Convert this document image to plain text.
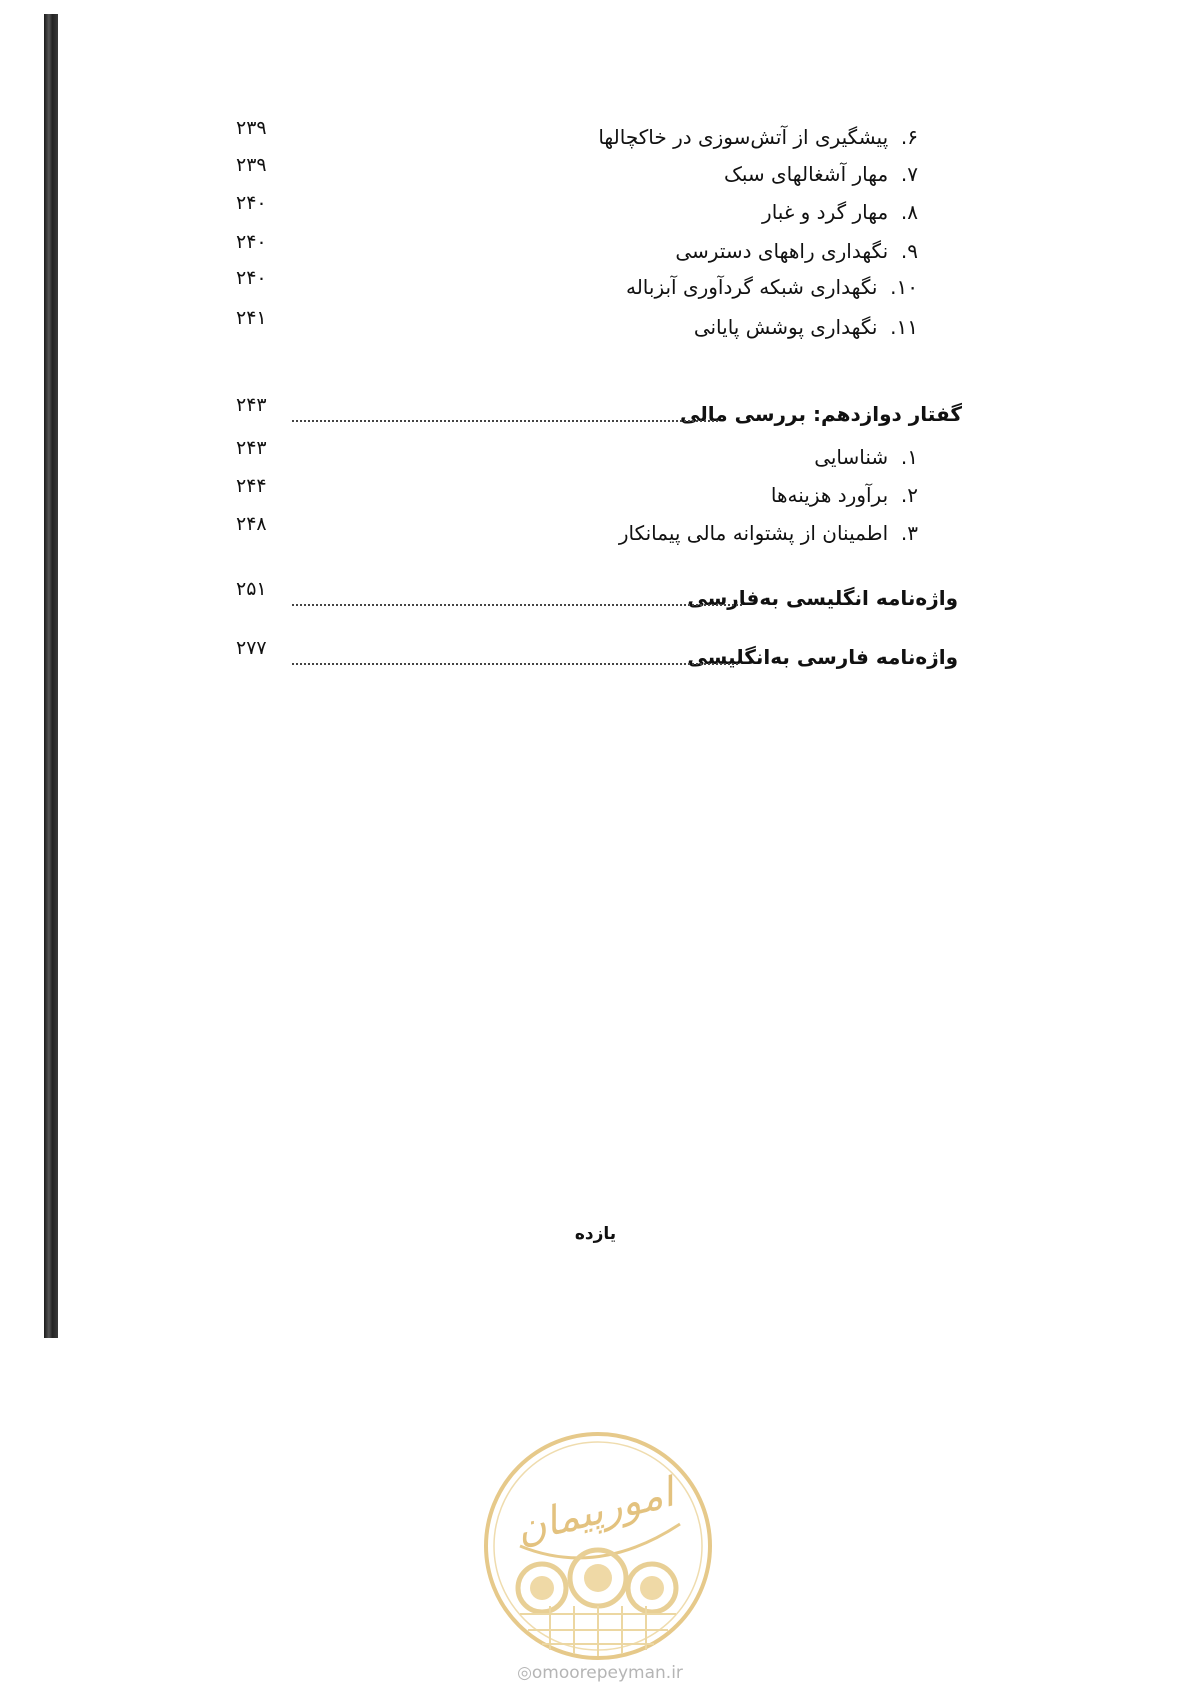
۶.  پیشگیری از آتش‌سوزی در خاکچالها
۲۳۹
۷.  مهار آشغالهای سبک
۲۳۹
۸.  مهار گرد و غبار
۲۴۰
۹.  نگهداری راههای دسترسی
۲۴۰
۱۰.  نگهداری شبکه گردآوری آبزباله
۲۴۰
۱۱.  نگهداری پوشش پایانی
۲۴۱
گفتار دوازدهم: بررسی مالی
۲۴۳
۱.  شناسایی
۲۴۳
۲.  برآورد هزینه‌ها
۲۴۴
۳.  اطمینان از پشتوانه مالی پیمانکار
۲۴۸
واژه‌نامه انگلیسی به‌فارسی
۲۵۱
واژه‌نامه فارسی به‌انگلیسی
۲۷۷
یازده
امورپیمان
◎omoorepeyman.ir
